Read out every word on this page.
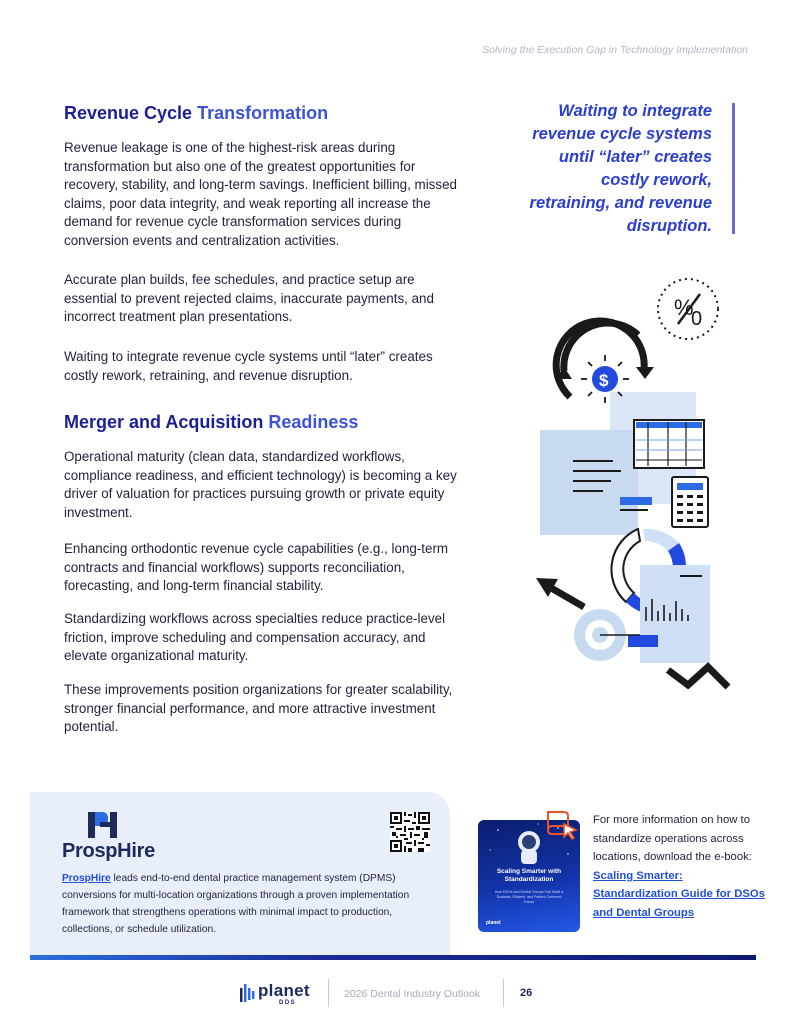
Solving the Execution Gap in Technology Implementation
Revenue Cycle Transformation

Revenue leakage is one of the highest-risk areas during transformation but also one of the greatest opportunities for recovery, stability, and long-term savings. Inefficient billing, missed claims, poor data integrity, and weak reporting all increase the demand for revenue cycle transformation services during conversion events and centralization activities.

Accurate plan builds, fee schedules, and practice setup are essential to prevent rejected claims, inaccurate payments, and incorrect treatment plan presentations.

Waiting to integrate revenue cycle systems until “later” creates costly rework, retraining, and revenue disruption.

Waiting to integrate revenue cycle systems until “later” creates costly rework, retraining, and revenue disruption.
Merger and Acquisition Readiness

Operational maturity (clean data, standardized workflows, compliance readiness, and efficient technology) is becoming a key driver of valuation for practices pursuing growth or private equity investment.

Enhancing orthodontic revenue cycle capabilities (e.g., long-term contracts and financial workflows) supports reconciliation, forecasting, and long-term financial stability.

Standardizing workflows across specialties reduce practice-level friction, improve scheduling and compensation accuracy, and elevate organizational maturity.

These improvements position organizations for greater scalability, stronger financial performance, and more attractive investment potential.

%
0
$
ProspHire
ProspHire leads end-to-end dental practice management system (DPMS) conversions for multi-location organizations through a proven implementation framework that strengthens operations with minimal impact to production, collections, or schedule utilization.
Scaling Smarter with Standardization
How DSOs and Dental Groups Can Build a Scalable, Efficient, and Patient-Centered Future
planet
For more information on how to standardize operations across locations, download the e-book:
Scaling Smarter:
Standardization Guide for DSOs and Dental Groups
planet
DDS
2026 Dental Industry Outlook	26
